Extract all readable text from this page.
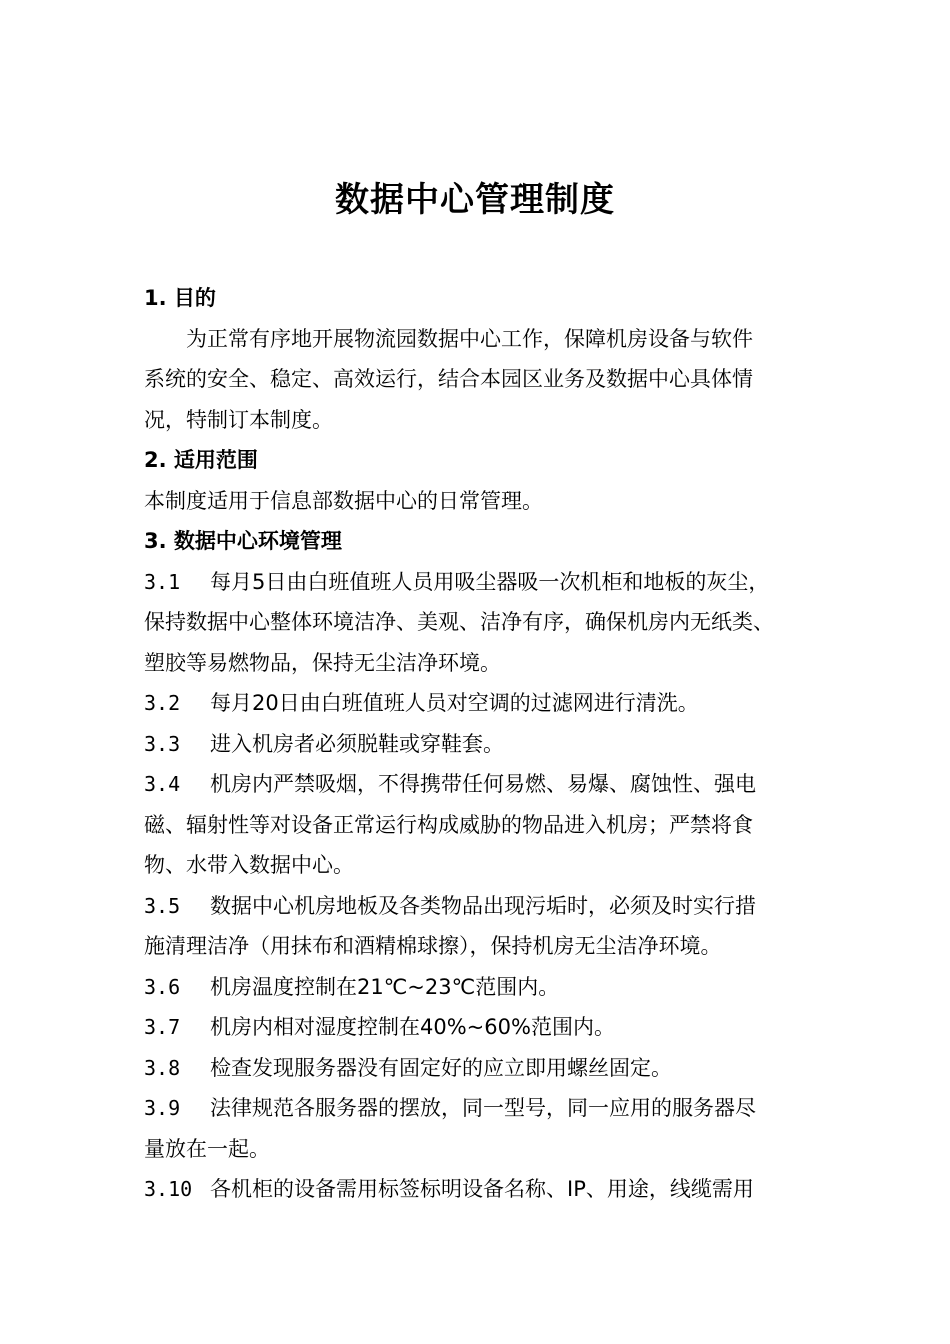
数据中心管理制度

1. 目的

为正常有序地开展物流园数据中心工作，保障机房设备与软件

系统的安全、稳定、高效运行，结合本园区业务及数据中心具体情

况，特制订本制度。

2. 适用范围

本制度适用于信息部数据中心的日常管理。

3. 数据中心环境管理

3.1 每月5日由白班值班人员用吸尘器吸一次机柜和地板的灰尘，

保持数据中心整体环境洁净、美观、洁净有序，确保机房内无纸类、

塑胶等易燃物品，保持无尘洁净环境。

3.2 每月20日由白班值班人员对空调的过滤网进行清洗。

3.3 进入机房者必须脱鞋或穿鞋套。

3.4 机房内严禁吸烟，不得携带任何易燃、易爆、腐蚀性、强电

磁、辐射性等对设备正常运行构成威胁的物品进入机房；严禁将食

物、水带入数据中心。

3.5 数据中心机房地板及各类物品出现污垢时，必须及时实行措

施清理洁净（用抹布和酒精棉球擦），保持机房无尘洁净环境。

3.6 机房温度控制在21℃~23℃范围内。

3.7 机房内相对湿度控制在40%~60%范围内。

3.8 检查发现服务器没有固定好的应立即用螺丝固定。

3.9 法律规范各服务器的摆放，同一型号，同一应用的服务器尽

量放在一起。

3.10 各机柜的设备需用标签标明设备名称、IP、用途，线缆需用
